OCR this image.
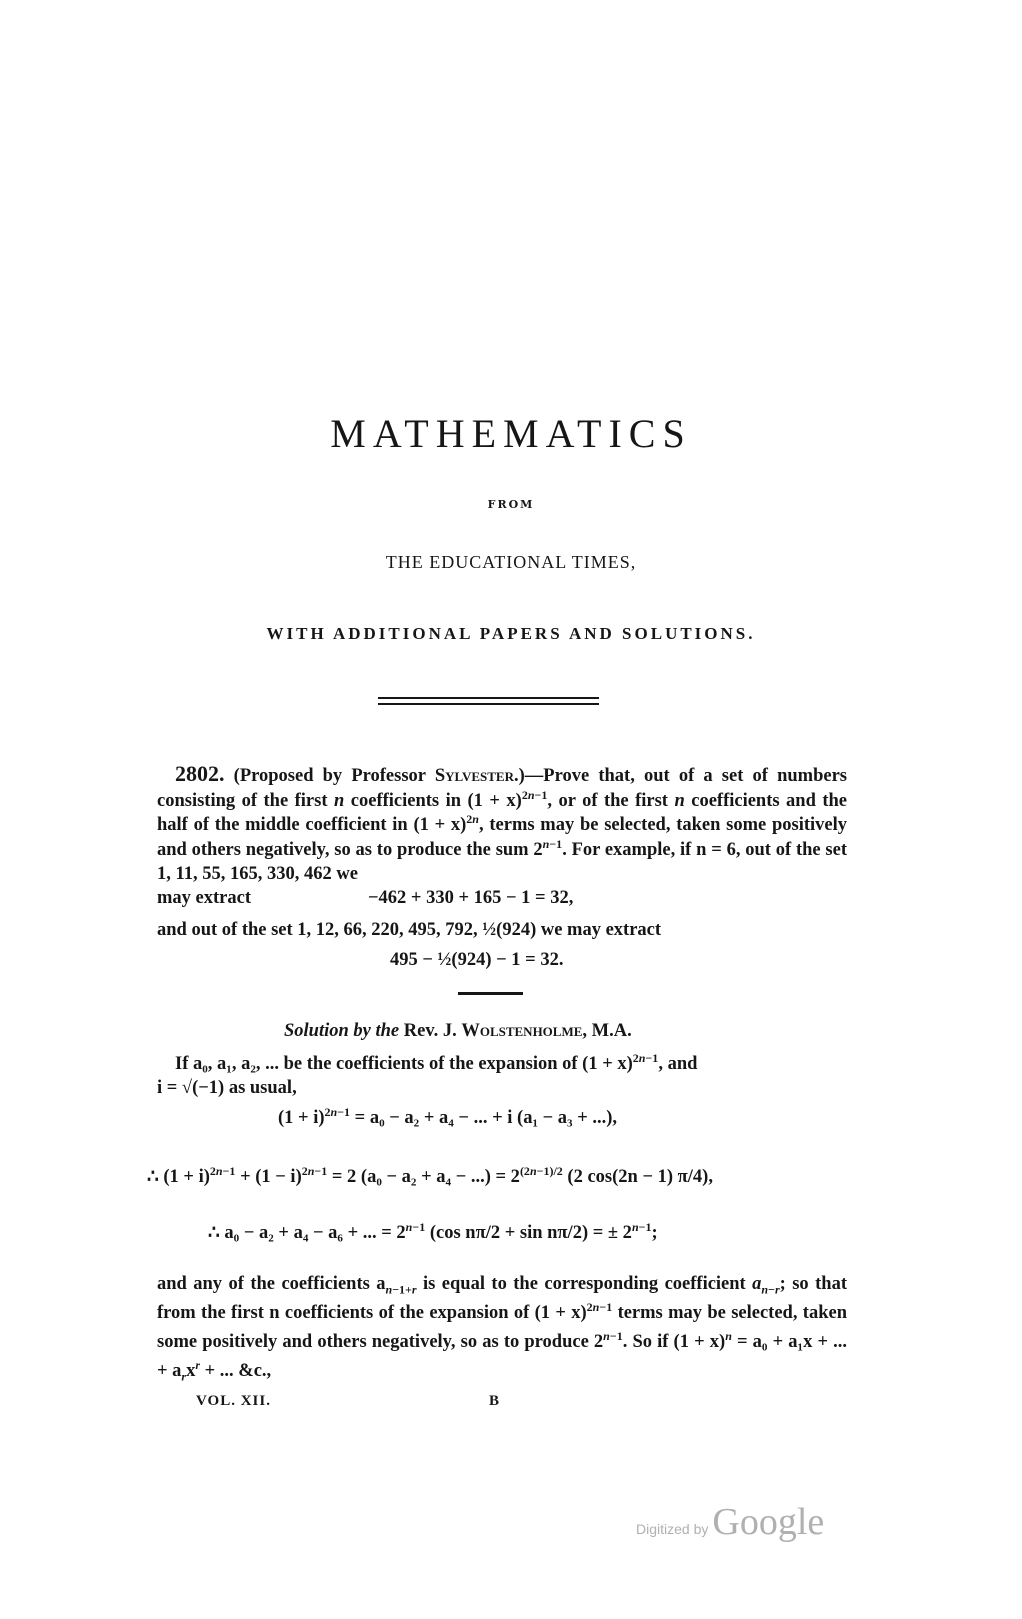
MATHEMATICS
FROM
THE EDUCATIONAL TIMES,
WITH ADDITIONAL PAPERS AND SOLUTIONS.
2802. (Proposed by Professor Sylvester.)—Prove that, out of a set of numbers consisting of the first n coefficients in $(1 + x)^{2n-1}$, or of the first n coefficients and the half of the middle coefficient in $(1 + x)^{2n}$, terms may be selected, taken some positively and others negatively, so as to produce the sum $2^{n-1}$. For example, if n = 6, out of the set 1, 11, 55, 165, 330, 462 we
may extract	−462 + 330 + 165 − 1 = 32,
and out of the set 1, 12, 66, 220, 495, 792, ½(924) we may extract
495 − ½(924) − 1 = 32.
Solution by the Rev. J. Wolstenholme, M.A.
If a₀, a₁, a₂, ... be the coefficients of the expansion of $(1 + x)^{2n-1}$, and
i = √(−1) as usual,
$(1 + i)^{2n-1} = a_0 - a_2 + a_4$ − ... + i (a₁ − a₃ + ...),
∴ $(1 + i)^{2n-1} + (1 - i)^{2n-1} = 2$ (a₀ − a₂ + a₄ − ...) = $2^{(2n-1)/2}$ (2 cos(2n − 1) π/4),
∴ a₀ − a₂ + a₄ − a₆ + ... = $2^{n-1}$ (cos nπ/2 + sin nπ/2) = ± $2^{n-1}$;
and any of the coefficients $a_{n-1+r}$ is equal to the corresponding coefficient $a_{n-r}$; so that from the first n coefficients of the expansion of $(1 + x)^{2n-1}$ terms may be selected, taken some positively and others negatively, so as to produce $2^{n-1}$. So if $(1 + x)^n = a_0 + a_1x$ + ... + $a_rx^r$ + ... &c.,
VOL. XII.	B
Digitized by Google
